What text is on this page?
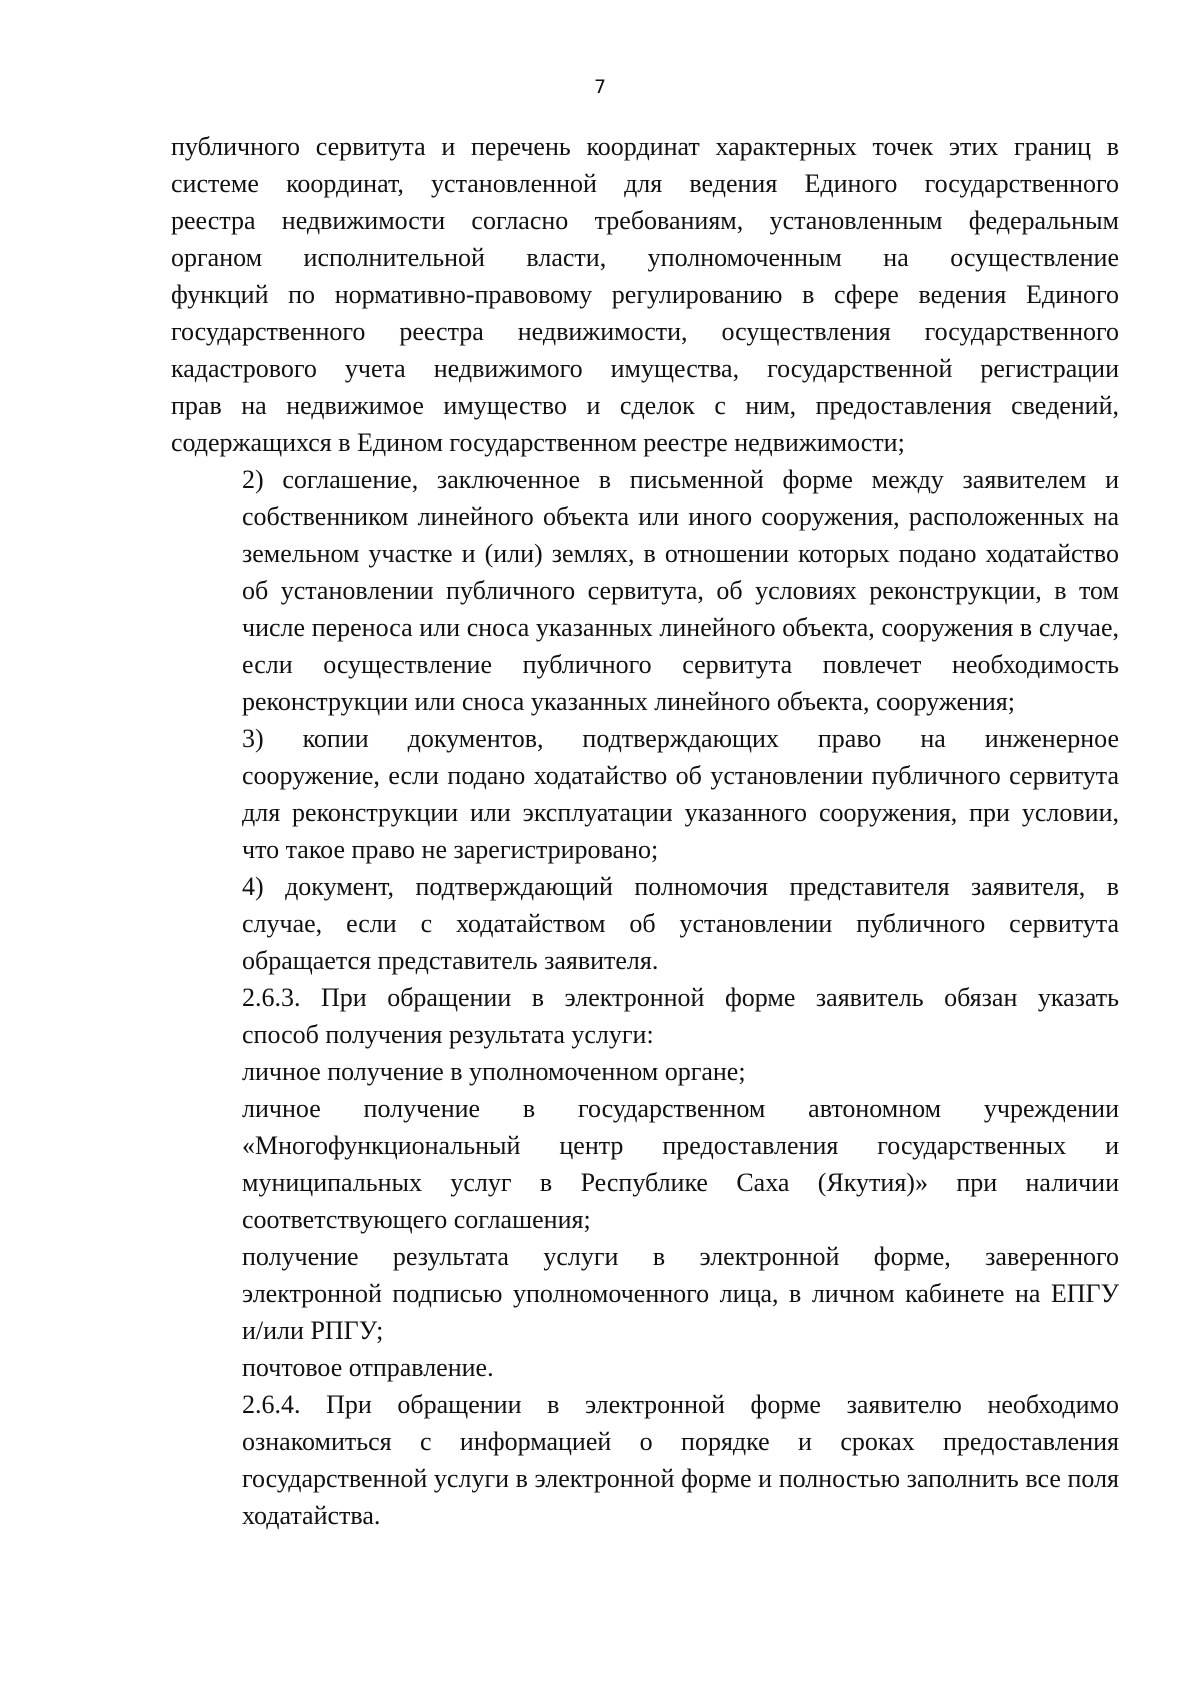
7

публичного сервитута и перечень координат характерных точек этих границ в
системе координат, установленной для ведения Единого государственного
реестра недвижимости согласно требованиям, установленным федеральным
органом исполнительной власти, уполномоченным на осуществление
функций по нормативно-правовому регулированию в сфере ведения Единого
государственного реестра недвижимости, осуществления государственного
кадастрового учета недвижимого имущества, государственной регистрации
прав на недвижимое имущество и сделок с ним, предоставления сведений,
содержащихся в Едином государственном реестре недвижимости;

2) соглашение, заключенное в письменной форме между заявителем и
собственником линейного объекта или иного сооружения, расположенных на
земельном участке и (или) землях, в отношении которых подано ходатайство
об установлении публичного сервитута, об условиях реконструкции, в том
числе переноса или сноса указанных линейного объекта, сооружения в случае,
если осуществление публичного сервитута повлечет необходимость
реконструкции или сноса указанных линейного объекта, сооружения;

3) копии документов, подтверждающих право на инженерное
сооружение, если подано ходатайство об установлении публичного сервитута
для реконструкции или эксплуатации указанного сооружения, при условии,
что такое право не зарегистрировано;

4) документ, подтверждающий полномочия представителя заявителя, в
случае, если с ходатайством об установлении публичного сервитута
обращается представитель заявителя.

2.6.3. При обращении в электронной форме заявитель обязан указать
способ получения результата услуги:

личное получение в уполномоченном органе;

личное получение в государственном автономном учреждении
«Многофункциональный центр предоставления государственных и
муниципальных услуг в Республике Саха (Якутия)» при наличии
соответствующего соглашения;

получение результата услуги в электронной форме, заверенного
электронной подписью уполномоченного лица, в личном кабинете на ЕПГУ
и/или РПГУ;

почтовое отправление.

2.6.4. При обращении в электронной форме заявителю необходимо
ознакомиться с информацией о порядке и сроках предоставления
государственной услуги в электронной форме и полностью заполнить все поля
ходатайства.
